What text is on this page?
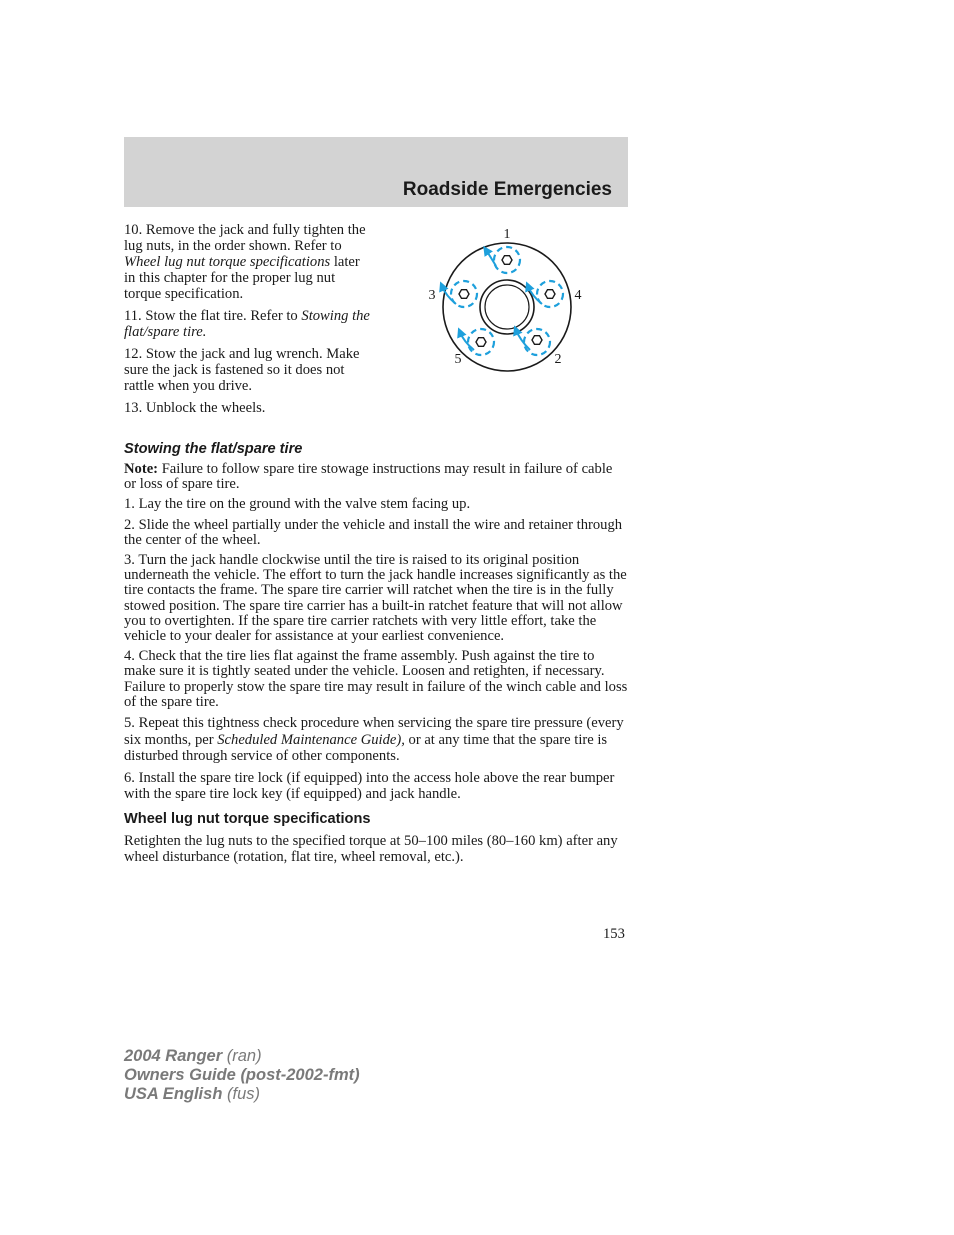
Roadside Emergencies

10. Remove the jack and fully tighten the lug nuts, in the order shown. Refer to Wheel lug nut torque specifications later in this chapter for the proper lug nut torque specification.

11. Stow the flat tire. Refer to Stowing the flat/spare tire.

12. Stow the jack and lug wrench. Make sure the jack is fastened so it does not rattle when you drive.

13. Unblock the wheels.

1
2
3	4
5
Stowing the flat/spare tire

Note: Failure to follow spare tire stowage instructions may result in failure of cable or loss of spare tire.

1. Lay the tire on the ground with the valve stem facing up.

2. Slide the wheel partially under the vehicle and install the wire and retainer through the center of the wheel.

3. Turn the jack handle clockwise until the tire is raised to its original position underneath the vehicle. The effort to turn the jack handle increases significantly as the tire contacts the frame. The spare tire carrier will ratchet when the tire is in the fully stowed position. The spare tire carrier has a built-in ratchet feature that will not allow you to overtighten. If the spare tire carrier ratchets with very little effort, take the vehicle to your dealer for assistance at your earliest convenience.

4. Check that the tire lies flat against the frame assembly. Push against the tire to make sure it is tightly seated under the vehicle. Loosen and retighten, if necessary. Failure to properly stow the spare tire may result in failure of the winch cable and loss of the spare tire.

5. Repeat this tightness check procedure when servicing the spare tire pressure (every six months, per Scheduled Maintenance Guide), or at any time that the spare tire is disturbed through service of other components.

6. Install the spare tire lock (if equipped) into the access hole above the rear bumper with the spare tire lock key (if equipped) and jack handle.

Wheel lug nut torque specifications

Retighten the lug nuts to the specified torque at 50–100 miles (80–160 km) after any wheel disturbance (rotation, flat tire, wheel removal, etc.).

153
2004 Ranger (ran)
Owners Guide (post-2002-fmt)
USA English (fus)
